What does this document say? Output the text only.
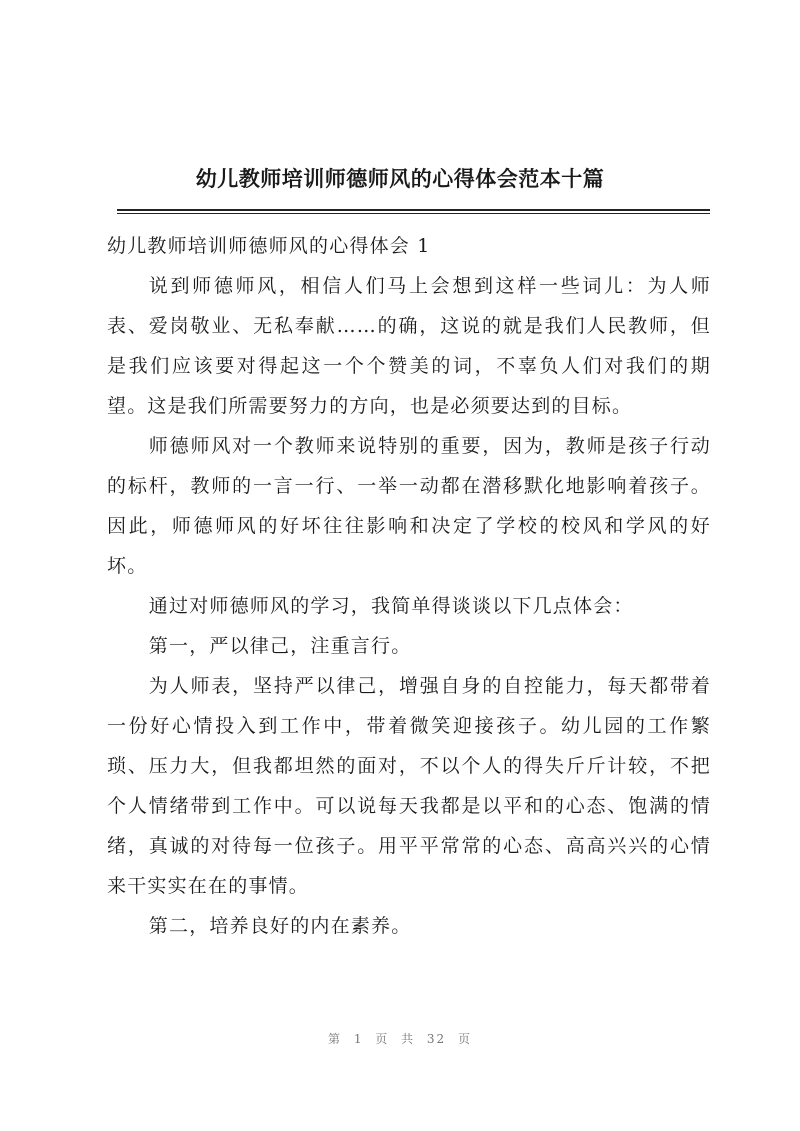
幼儿教师培训师德师风的心得体会范本十篇

幼儿教师培训师德师风的心得体会 1

说到师德师风，相信人们马上会想到这样一些词儿：为人师表、爱岗敬业、无私奉献……的确，这说的就是我们人民教师，但是我们应该要对得起这一个个赞美的词，不辜负人们对我们的期望。这是我们所需要努力的方向，也是必须要达到的目标。

师德师风对一个教师来说特别的重要，因为，教师是孩子行动的标杆，教师的一言一行、一举一动都在潜移默化地影响着孩子。因此，师德师风的好坏往往影响和决定了学校的校风和学风的好坏。

通过对师德师风的学习，我简单得谈谈以下几点体会：

第一，严以律己，注重言行。

为人师表，坚持严以律己，增强自身的自控能力，每天都带着一份好心情投入到工作中，带着微笑迎接孩子。幼儿园的工作繁琐、压力大，但我都坦然的面对，不以个人的得失斤斤计较，不把个人情绪带到工作中。可以说每天我都是以平和的心态、饱满的情绪，真诚的对待每一位孩子。用平平常常的心态、高高兴兴的心情来干实实在在的事情。

第二，培养良好的内在素养。

第 1 页 共 32 页
